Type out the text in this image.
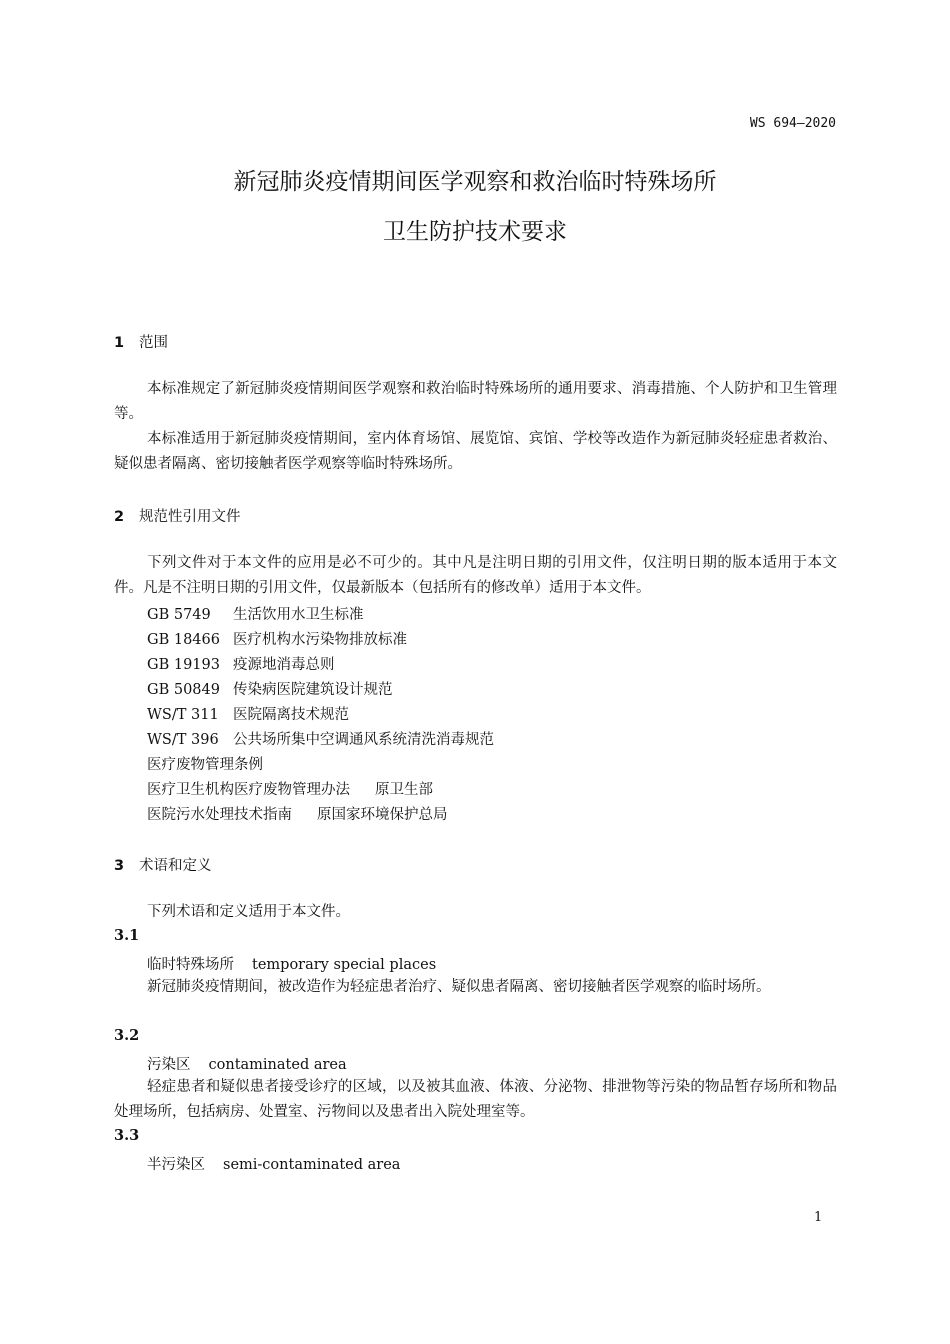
WS 694—2020
新冠肺炎疫情期间医学观察和救治临时特殊场所
卫生防护技术要求
1 范围
本标准规定了新冠肺炎疫情期间医学观察和救治临时特殊场所的通用要求、消毒措施、个人防护和卫生管理等。
本标准适用于新冠肺炎疫情期间，室内体育场馆、展览馆、宾馆、学校等改造作为新冠肺炎轻症患者救治、疑似患者隔离、密切接触者医学观察等临时特殊场所。
2 规范性引用文件
下列文件对于本文件的应用是必不可少的。其中凡是注明日期的引用文件，仅注明日期的版本适用于本文件。凡是不注明日期的引用文件，仅最新版本（包括所有的修改单）适用于本文件。
GB 5749 生活饮用水卫生标准
GB 18466 医疗机构水污染物排放标准
GB 19193 疫源地消毒总则
GB 50849 传染病医院建筑设计规范
WS/T 311 医院隔离技术规范
WS/T 396 公共场所集中空调通风系统清洗消毒规范
医疗废物管理条例
医疗卫生机构医疗废物管理办法 原卫生部
医院污水处理技术指南 原国家环境保护总局
3 术语和定义
下列术语和定义适用于本文件。
3.1
临时特殊场所 temporary special places
新冠肺炎疫情期间，被改造作为轻症患者治疗、疑似患者隔离、密切接触者医学观察的临时场所。
3.2
污染区 contaminated area
轻症患者和疑似患者接受诊疗的区域，以及被其血液、体液、分泌物、排泄物等污染的物品暂存场所和物品处理场所，包括病房、处置室、污物间以及患者出入院处理室等。
3.3
半污染区 semi-contaminated area
1
